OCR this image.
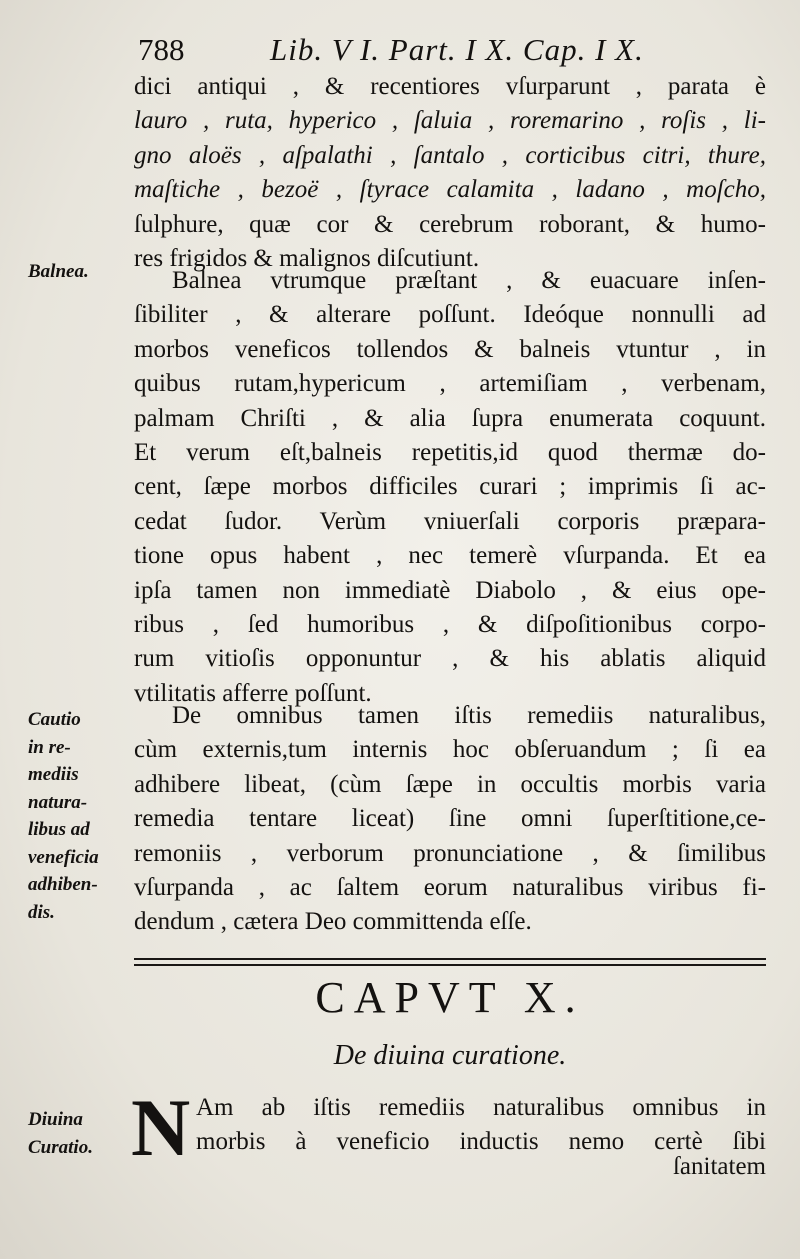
788	Lib. V I. Part. I X. Cap. I X.
dici antiqui , & recentiores vſurparunt , parata è
lauro , ruta, hyperico , ſaluia , roremarino , roſis , li-
gno aloës , aſpalathi , ſantalo , corticibus citri, thure,
maſtiche , bezoë , ſtyrace calamita , ladano , moſcho,
ſulphure, quæ cor & cerebrum roborant, & humo-
res frigidos & malignos diſcutiunt.
Balnea.	Balnea vtrumque præſtant , & euacuare inſen-
ſibiliter , & alterare poſſunt. Ideóque nonnulli ad
morbos veneficos tollendos & balneis vtuntur , in
quibus rutam,hypericum , artemiſiam , verbenam,
palmam Chriſti , & alia ſupra enumerata coquunt.
Et verum eſt,balneis repetitis,id quod thermæ do-
cent, ſæpe morbos difficiles curari ; imprimis ſi ac-
cedat ſudor. Verùm vniuerſali corporis præpara-
tione opus habent , nec temerè vſurpanda. Et ea
ipſa tamen non immediatè Diabolo , & eius ope-
ribus , ſed humoribus , & diſpoſitionibus corpo-
rum vitioſis opponuntur , & his ablatis aliquid
vtilitatis afferre poſſunt.
Cautio
in re-
mediis
natura-
libus ad
veneficia
adhiben-
dis.
De omnibus tamen iſtis remediis naturalibus,
cùm externis,tum internis hoc obſeruandum ; ſi ea
adhibere libeat, (cùm ſæpe in occultis morbis varia
remedia tentare liceat) ſine omni ſuperſtitione,ce-
remoniis , verborum pronunciatione , & ſimilibus
vſurpanda , ac ſaltem eorum naturalibus viribus fi-
dendum , cætera Deo committenda eſſe.
CAPVT X.
De diuina curatione.
Diuina
Curatio. N Am ab iſtis remediis naturalibus omnibus in
morbis à veneficio inductis nemo certè ſibi
ſanitatem
